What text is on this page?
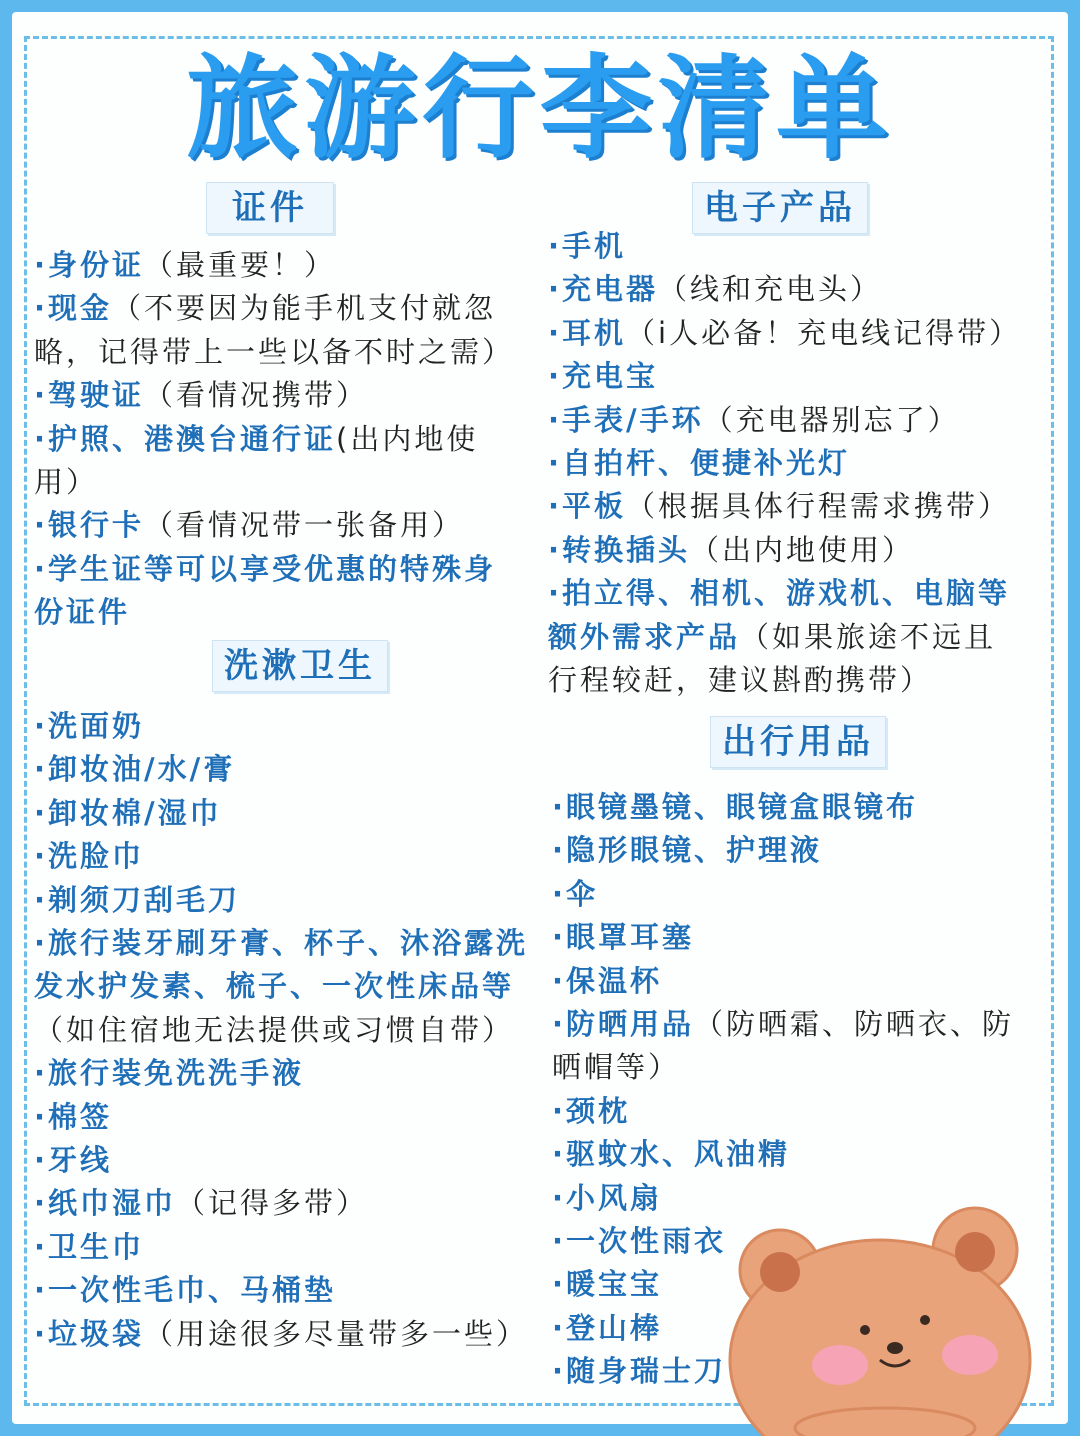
旅游行李清单
证件
·身份证（最重要！）
·现金（不要因为能手机支付就忽
略，记得带上一些以备不时之需）
·驾驶证（看情况携带）
·护照、港澳台通行证(出内地使
用）
·银行卡（看情况带一张备用）
·学生证等可以享受优惠的特殊身
份证件
洗漱卫生
·洗面奶
·卸妆油/水/膏
·卸妆棉/湿巾
·洗脸巾
·剃须刀刮毛刀
·旅行装牙刷牙膏、杯子、沐浴露洗
发水护发素、梳子、一次性床品等
（如住宿地无法提供或习惯自带）
·旅行装免洗洗手液
·棉签
·牙线
·纸巾湿巾（记得多带）
·卫生巾
·一次性毛巾、马桶垫
·垃圾袋（用途很多尽量带多一些）
电子产品
·手机
·充电器（线和充电头）
·耳机（i人必备！充电线记得带）
·充电宝
·手表/手环（充电器别忘了）
·自拍杆、便捷补光灯
·平板（根据具体行程需求携带）
·转换插头（出内地使用）
·拍立得、相机、游戏机、电脑等
额外需求产品（如果旅途不远且
行程较赶，建议斟酌携带）
出行用品
·眼镜墨镜、眼镜盒眼镜布
·隐形眼镜、护理液
·伞
·眼罩耳塞
·保温杯
·防晒用品（防晒霜、防晒衣、防
晒帽等）
·颈枕
·驱蚊水、风油精
·小风扇
·一次性雨衣
·暖宝宝
·登山棒
·随身瑞士刀
